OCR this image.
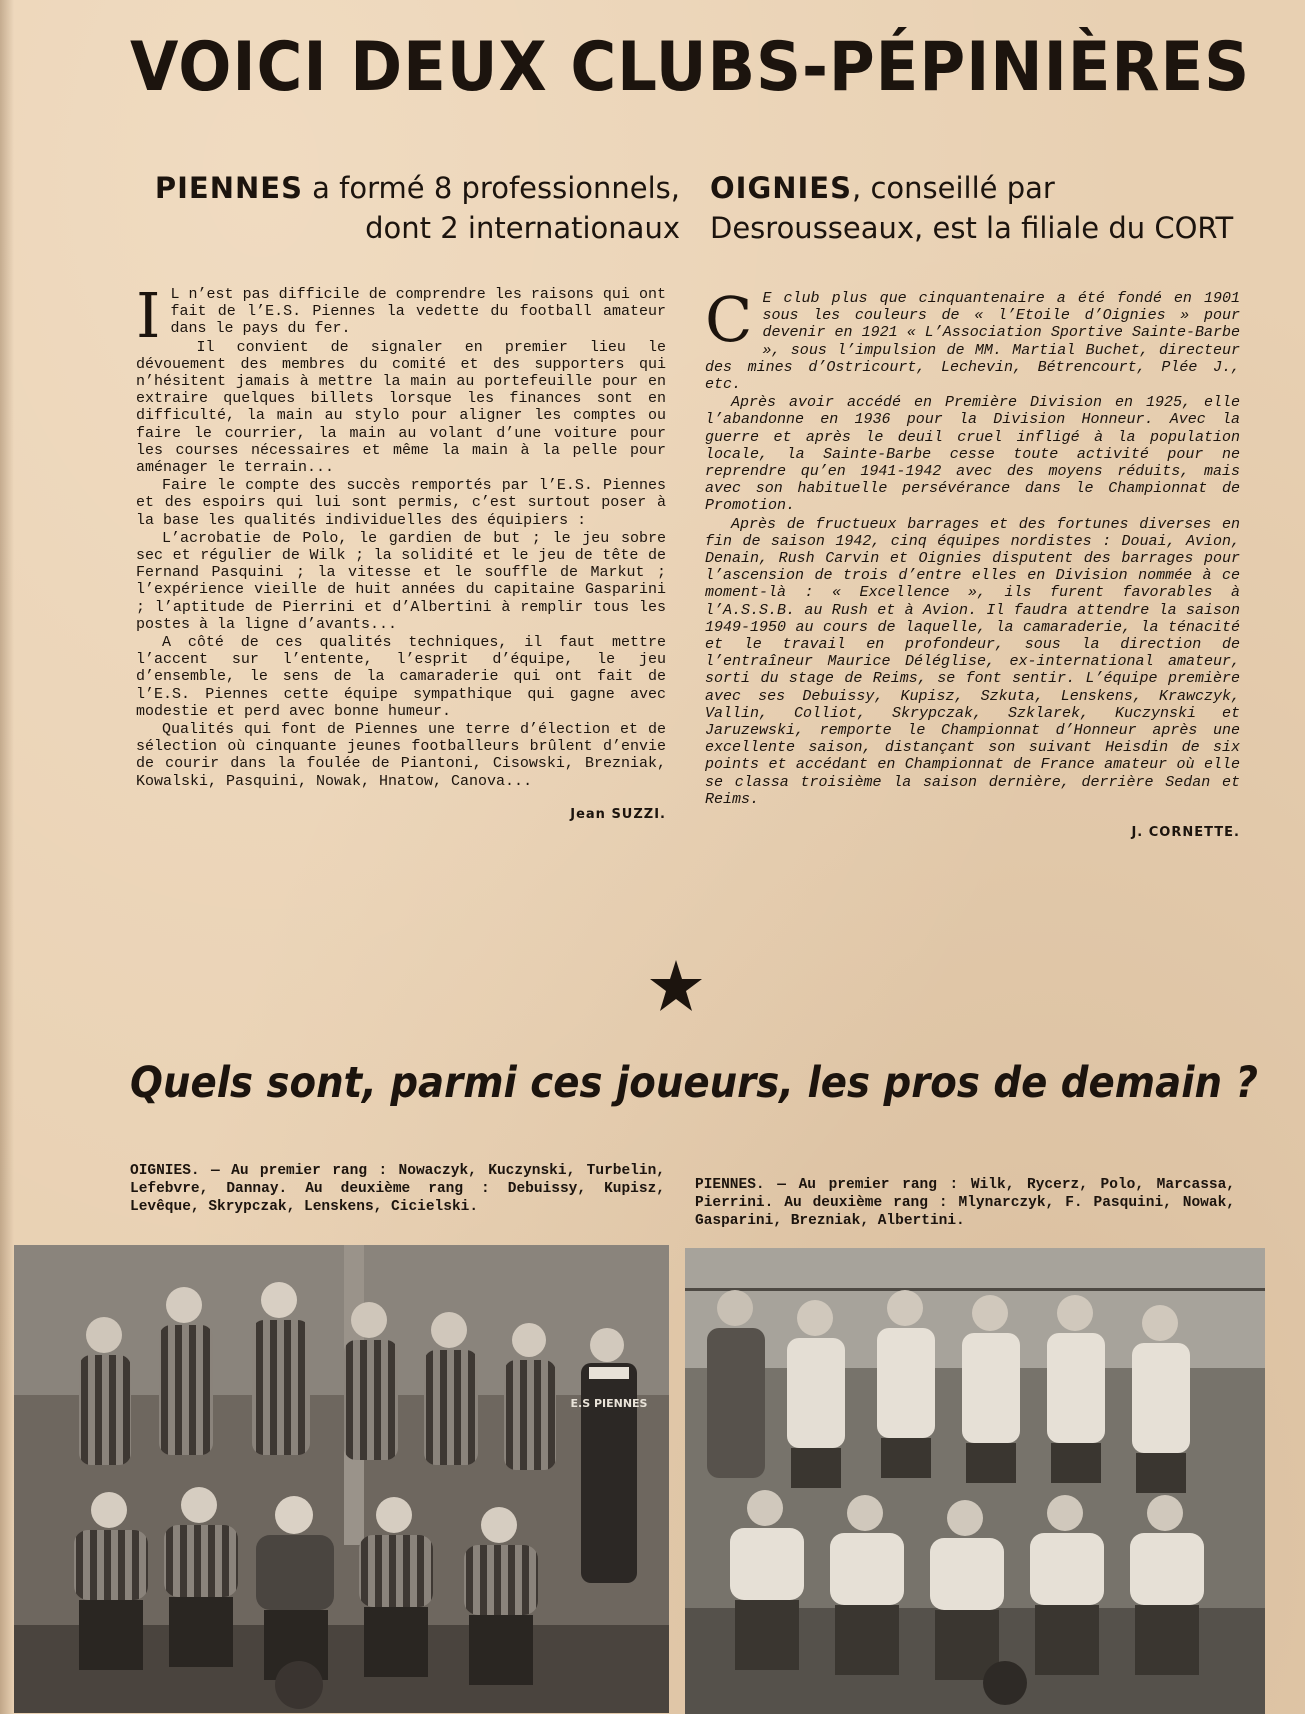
VOICI DEUX CLUBS-PÉPINIÈRES
PIENNES a formé 8 professionnels, dont 2 internationaux
OIGNIES, conseillé par Desrousseaux, est la filiale du CORT
I L n’est pas difficile de comprendre les raisons qui ont fait de l’E.S. Piennes la vedette du football amateur dans le pays du fer.

Il convient de signaler en premier lieu le dévouement des membres du comité et des supporters qui n’hésitent jamais à mettre la main au portefeuille pour en extraire quelques billets lorsque les finances sont en difficulté, la main au stylo pour aligner les comptes ou faire le courrier, la main au volant d’une voiture pour les courses nécessaires et même la main à la pelle pour aménager le terrain...

Faire le compte des succès remportés par l’E.S. Piennes et des espoirs qui lui sont permis, c’est surtout poser à la base les qualités individuelles des équipiers :

L’acrobatie de Polo, le gardien de but ; le jeu sobre sec et régulier de Wilk ; la solidité et le jeu de tête de Fernand Pasquini ; la vitesse et le souffle de Markut ; l’expérience vieille de huit années du capitaine Gasparini ; l’aptitude de Pierrini et d’Albertini à remplir tous les postes à la ligne d’avants...

A côté de ces qualités techniques, il faut mettre l’accent sur l’entente, l’esprit d’équipe, le jeu d’ensemble, le sens de la camaraderie qui ont fait de l’E.S. Piennes cette équipe sympathique qui gagne avec modestie et perd avec bonne humeur.

Qualités qui font de Piennes une terre d’élection et de sélection où cinquante jeunes footballeurs brûlent d’envie de courir dans la foulée de Piantoni, Cisowski, Brezniak, Kowalski, Pasquini, Nowak, Hnatow, Canova...

Jean SUZZI.
C E club plus que cinquantenaire a été fondé en 1901 sous les couleurs de « l’Etoile d’Oignies » pour devenir en 1921 « L’Association Sportive Sainte-Barbe », sous l’impulsion de MM. Martial Buchet, directeur des mines d’Ostricourt, Lechevin, Bétrencourt, Plée J., etc.

Après avoir accédé en Première Division en 1925, elle l’abandonne en 1936 pour la Division Honneur. Avec la guerre et après le deuil cruel infligé à la population locale, la Sainte-Barbe cesse toute activité pour ne reprendre qu’en 1941-1942 avec des moyens réduits, mais avec son habituelle persévérance dans le Championnat de Promotion.

Après de fructueux barrages et des fortunes diverses en fin de saison 1942, cinq équipes nordistes : Douai, Avion, Denain, Rush Carvin et Oignies disputent des barrages pour l’ascension de trois d’entre elles en Division nommée à ce moment-là : « Excellence », ils furent favorables à l’A.S.S.B. au Rush et à Avion. Il faudra attendre la saison 1949-1950 au cours de laquelle, la camaraderie, la ténacité et le travail en profondeur, sous la direction de l’entraîneur Maurice Déléglise, ex-international amateur, sorti du stage de Reims, se font sentir. L’équipe première avec ses Debuissy, Kupisz, Szkuta, Lenskens, Krawczyk, Vallin, Colliot, Skrypczak, Szklarek, Kuczynski et Jaruzewski, remporte le Championnat d’Honneur après une excellente saison, distançant son suivant Heisdin de six points et accédant en Championnat de France amateur où elle se classa troisième la saison dernière, derrière Sedan et Reims.

J. CORNETTE.
Quels sont, parmi ces joueurs, les pros de demain ?
OIGNIES. — Au premier rang : Nowaczyk, Kuczynski, Turbelin, Lefebvre, Dannay. Au deuxième rang : Debuissy, Kupisz, Levêque, Skrypczak, Lenskens, Cicielski.
PIENNES. — Au premier rang : Wilk, Rycerz, Polo, Marcassa, Pierrini. Au deuxième rang : Mlynarczyk, F. Pasquini, Nowak, Gasparini, Brezniak, Albertini.
E.S PIENNES
